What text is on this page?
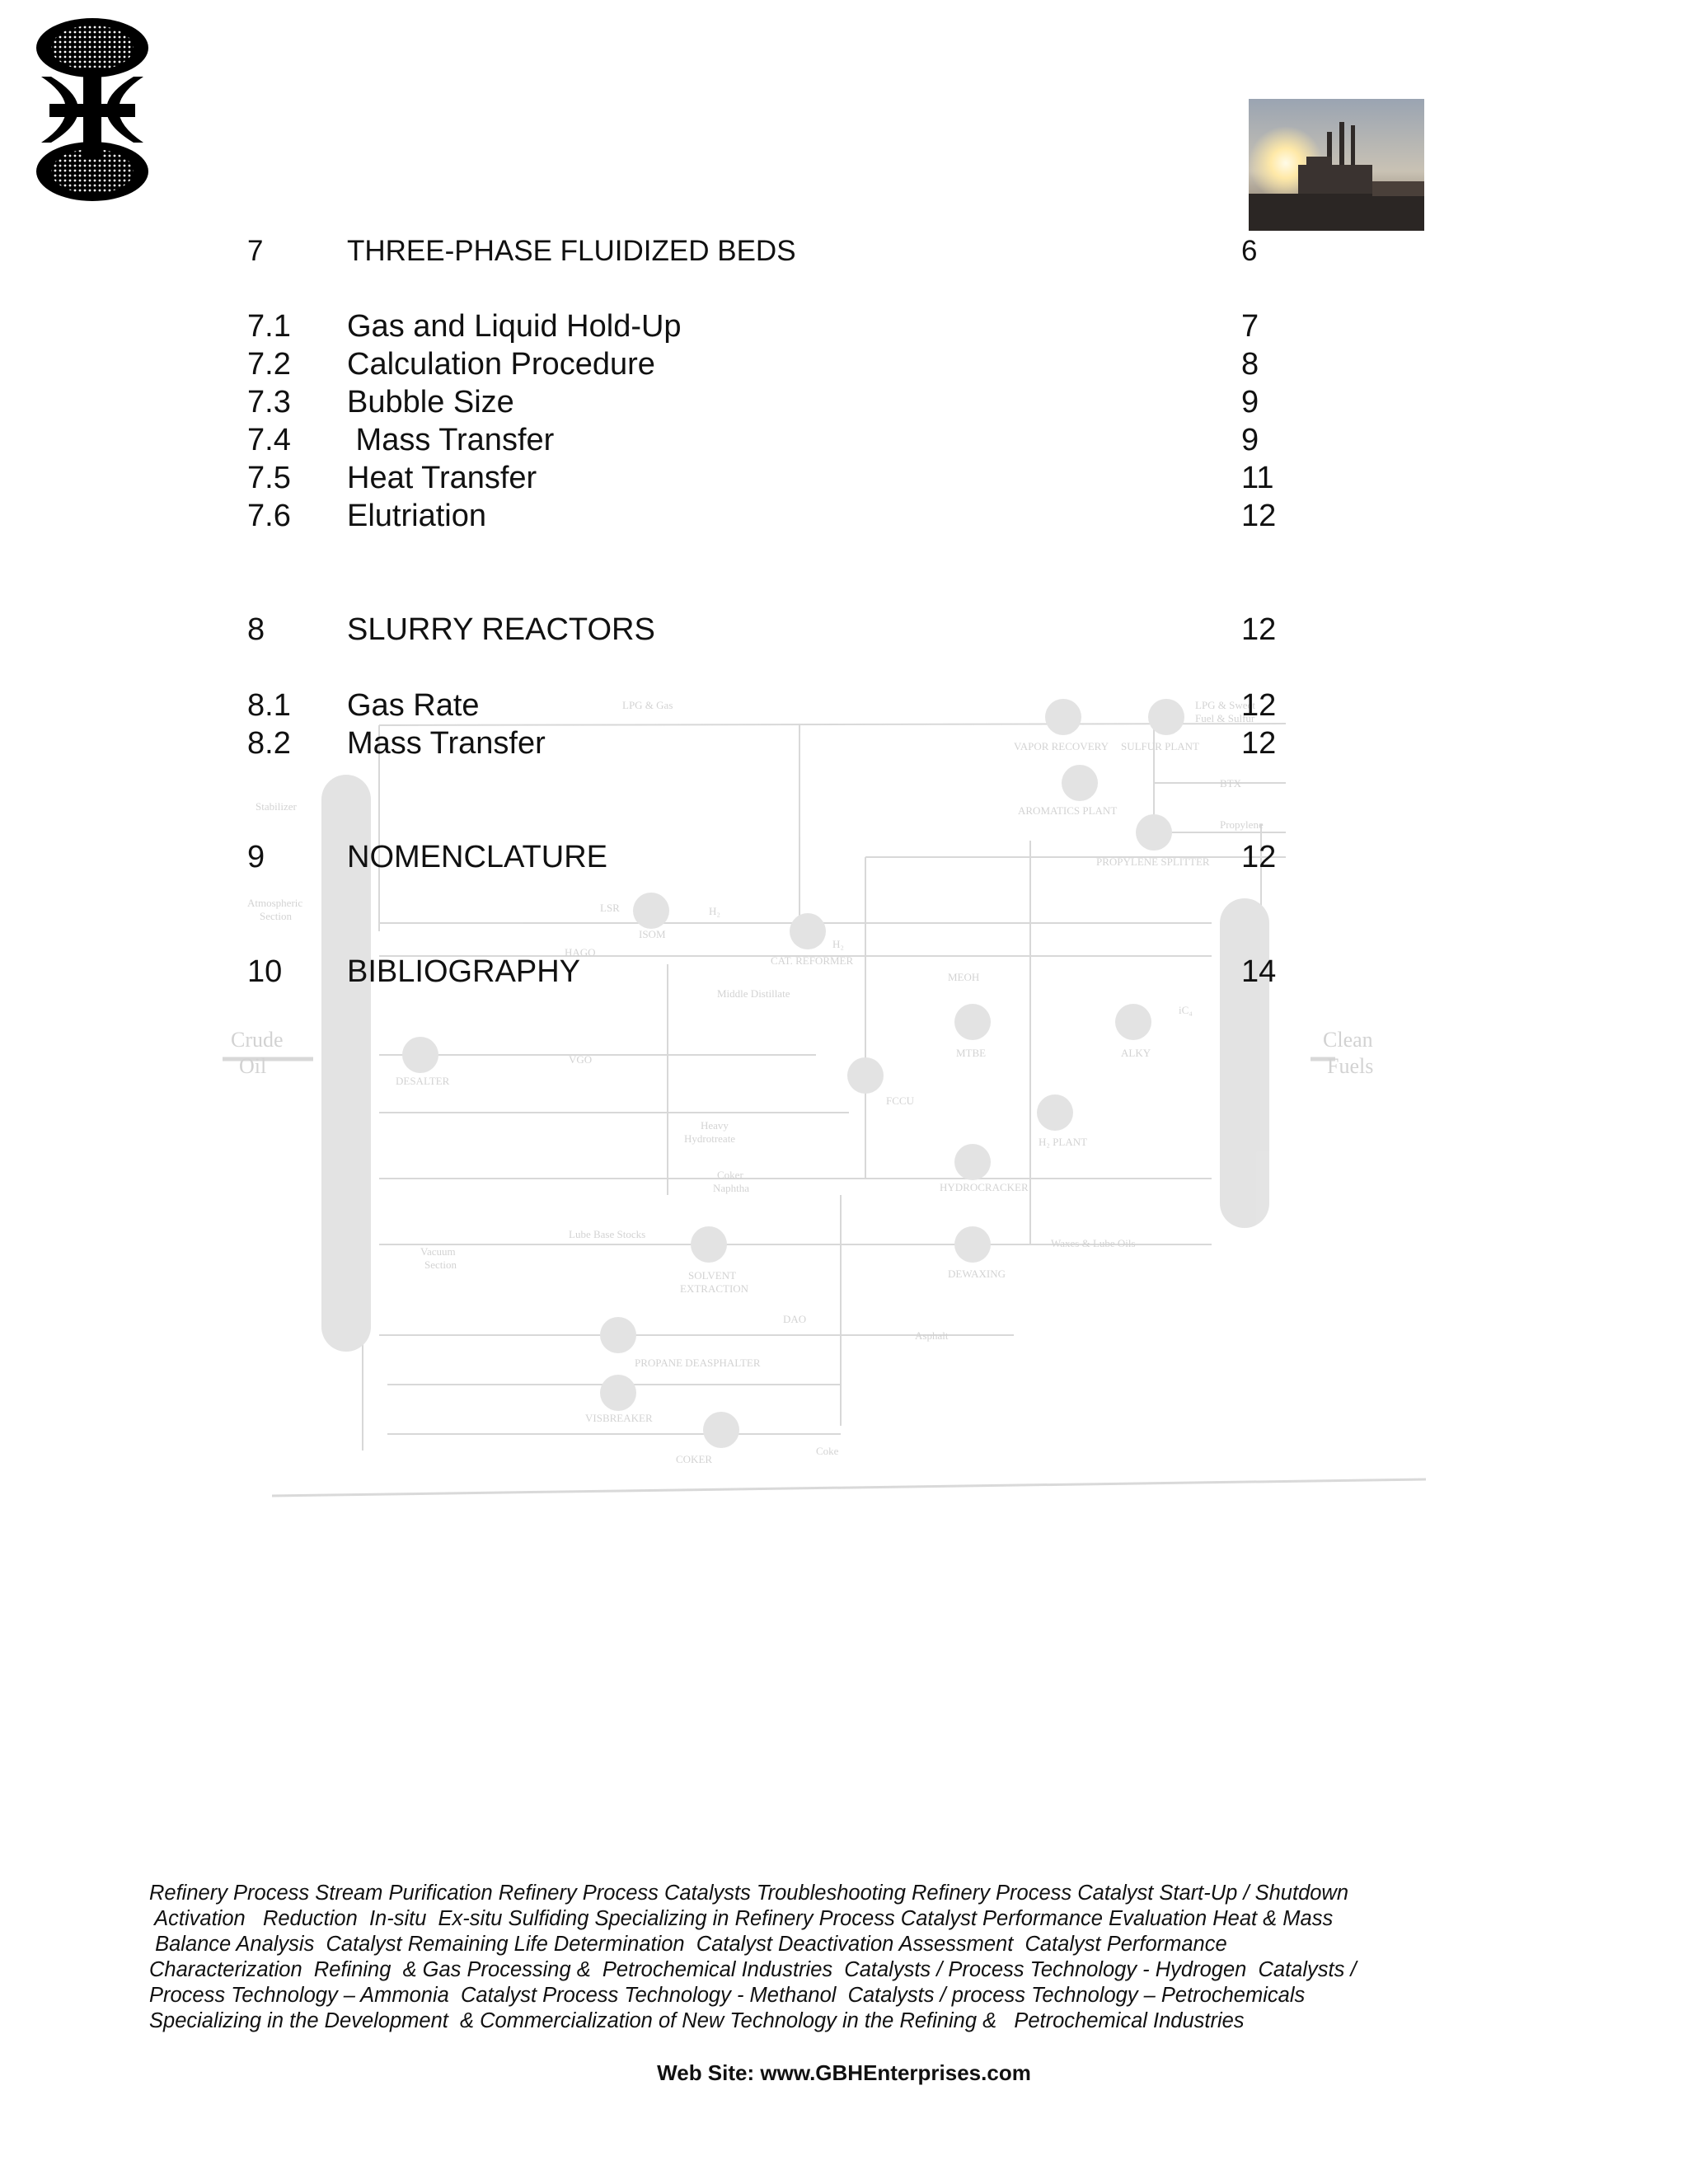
Crude
Oil
Clean
Fuels
LPG & Gas	LPG & Sweet
Fuel & Sulfur
VAPOR RECOVERY SULFUR PLANT
AROMATICS PLANT
BTX
Propylene
PROPYLENE SPLITTER
Stabilizer
Atmospheric
Section
LSR	H₂
H₂
ISOM
HAGO
CAT. REFORMER
MEOH
Middle Distillate
MTBE	ALKY
iC₄
VGO
DESALTER
FCCU
H₂ PLANT
Heavy
Hydrotreate
HYDROCRACKER
Coker
Naphtha
Lube Base Stocks
Vacuum
Section
SOLVENT
EXTRACTION
DEWAXING
Waxes & Lube Oils
DAO
Asphalt
PROPANE DEASPHALTER
VISBREAKER
COKER
Coke
7	THREE-PHASE FLUIDIZED BEDS	6
7.1 Gas and Liquid Hold-Up	7
7.2 Calculation Procedure	8
7.3 Bubble Size	9
7.4 Mass Transfer	9
7.5 Heat Transfer	11
7.6 Elutriation	12
8	SLURRY REACTORS	12
8.1 Gas Rate	12
8.2 Mass Transfer	12
9	NOMENCLATURE	12
10 BIBLIOGRAPHY	14
Refinery Process Stream Purification Refinery Process Catalysts Troubleshooting Refinery Process Catalyst Start-Up / Shutdown
Activation   Reduction  In-situ  Ex-situ Sulfiding Specializing in Refinery Process Catalyst Performance Evaluation Heat & Mass
Balance Analysis  Catalyst Remaining Life Determination  Catalyst Deactivation Assessment  Catalyst Performance
Characterization  Refining  & Gas Processing &  Petrochemical Industries  Catalysts / Process Technology - Hydrogen  Catalysts /
Process Technology – Ammonia  Catalyst Process Technology - Methanol  Catalysts / process Technology – Petrochemicals
Specializing in the Development  & Commercialization of New Technology in the Refining &   Petrochemical Industries
Web Site: www.GBHEnterprises.com
